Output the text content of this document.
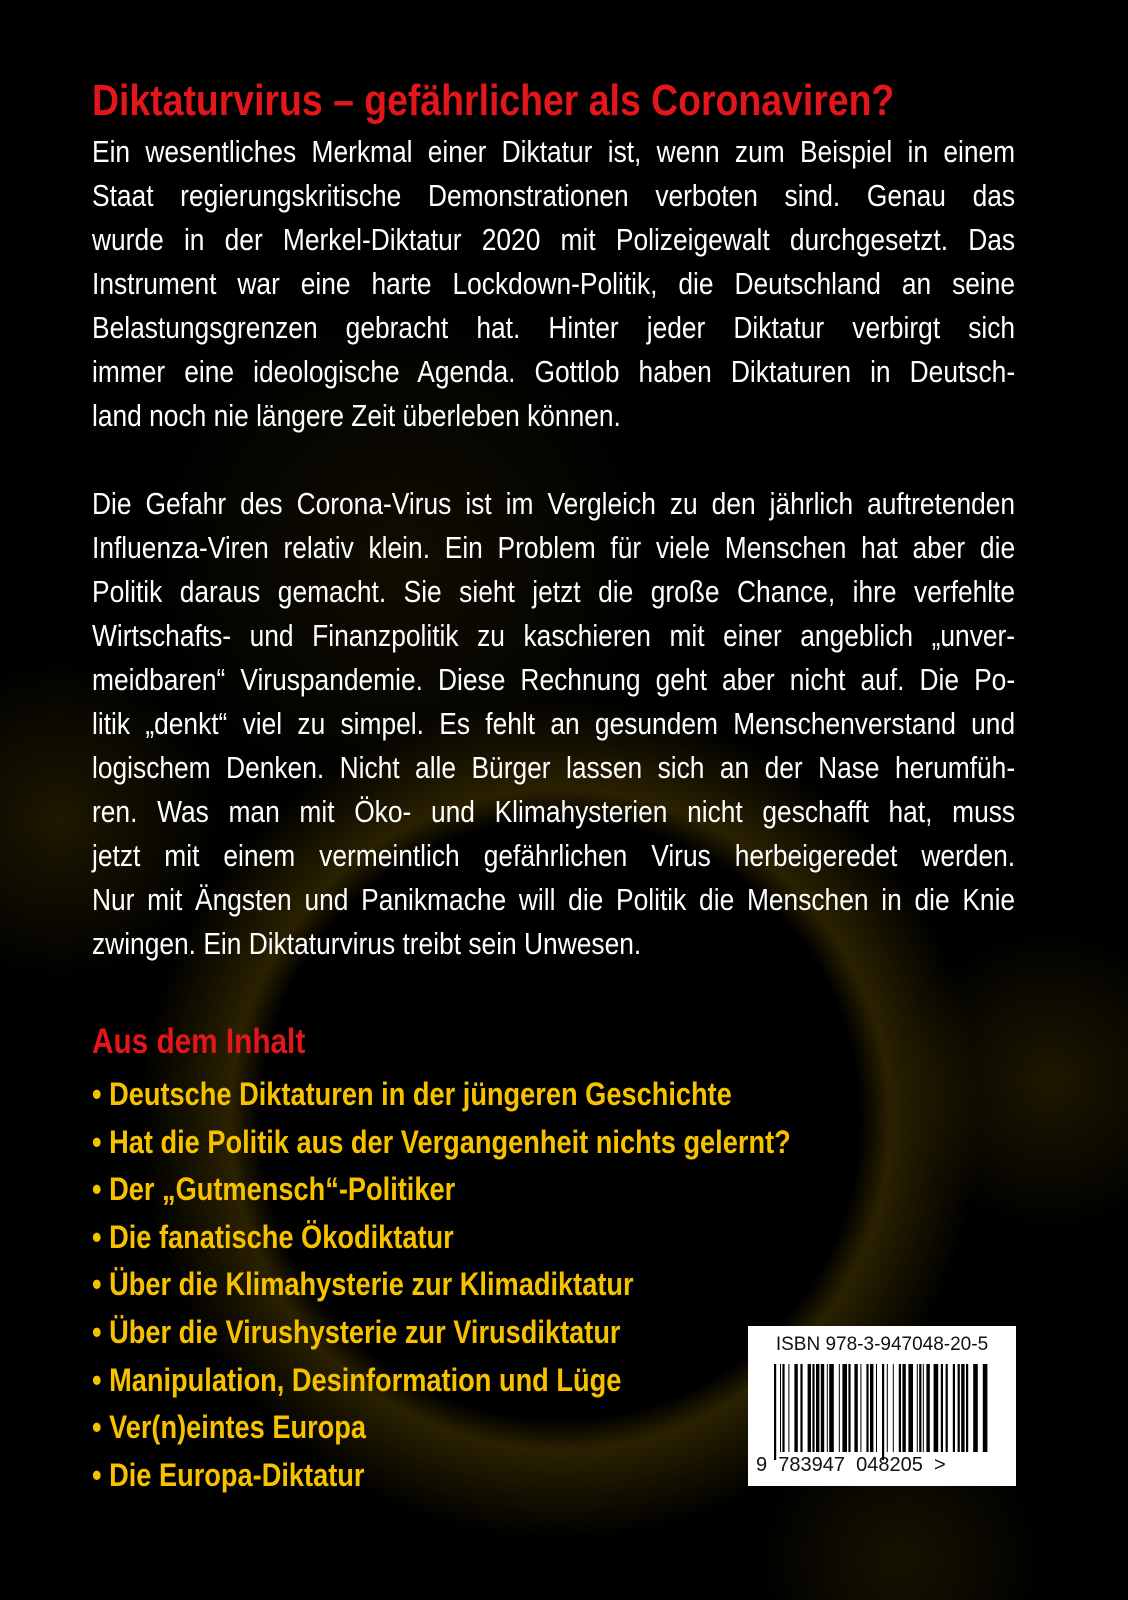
Diktaturvirus – gefährlicher als Coronaviren?
Ein wesentliches Merkmal einer Diktatur ist, wenn zum Beispiel in einem
Staat regierungskritische Demonstrationen verboten sind. Genau das
wurde in der Merkel-Diktatur 2020 mit Polizeigewalt durchgesetzt. Das
Instrument war eine harte Lockdown-Politik, die Deutschland an seine
Belastungsgrenzen gebracht hat. Hinter jeder Diktatur verbirgt sich
immer eine ideologische Agenda. Gottlob haben Diktaturen in Deutsch-
land noch nie längere Zeit überleben können.
Die Gefahr des Corona-Virus ist im Vergleich zu den jährlich auftretenden
Influenza-Viren relativ klein. Ein Problem für viele Menschen hat aber die
Politik daraus gemacht. Sie sieht jetzt die große Chance, ihre verfehlte
Wirtschafts- und Finanzpolitik zu kaschieren mit einer angeblich „unver-
meidbaren“ Viruspandemie. Diese Rechnung geht aber nicht auf. Die Po-
litik „denkt“ viel zu simpel. Es fehlt an gesundem Menschenverstand und
logischem Denken. Nicht alle Bürger lassen sich an der Nase herumfüh-
ren. Was man mit Öko- und Klimahysterien nicht geschafft hat, muss
jetzt mit einem vermeintlich gefährlichen Virus herbeigeredet werden.
Nur mit Ängsten und Panikmache will die Politik die Menschen in die Knie
zwingen. Ein Diktaturvirus treibt sein Unwesen.
Aus dem Inhalt
• Deutsche Diktaturen in der jüngeren Geschichte
• Hat die Politik aus der Vergangenheit nichts gelernt?
• Der „Gutmensch“-Politiker
• Die fanatische Ökodiktatur
• Über die Klimahysterie zur Klimadiktatur
• Über die Virushysterie zur Virusdiktatur
• Manipulation, Desinformation und Lüge
• Ver(n)eintes Europa
• Die Europa-Diktatur
ISBN 978-3-947048-20-5
9  783947  048205  >
